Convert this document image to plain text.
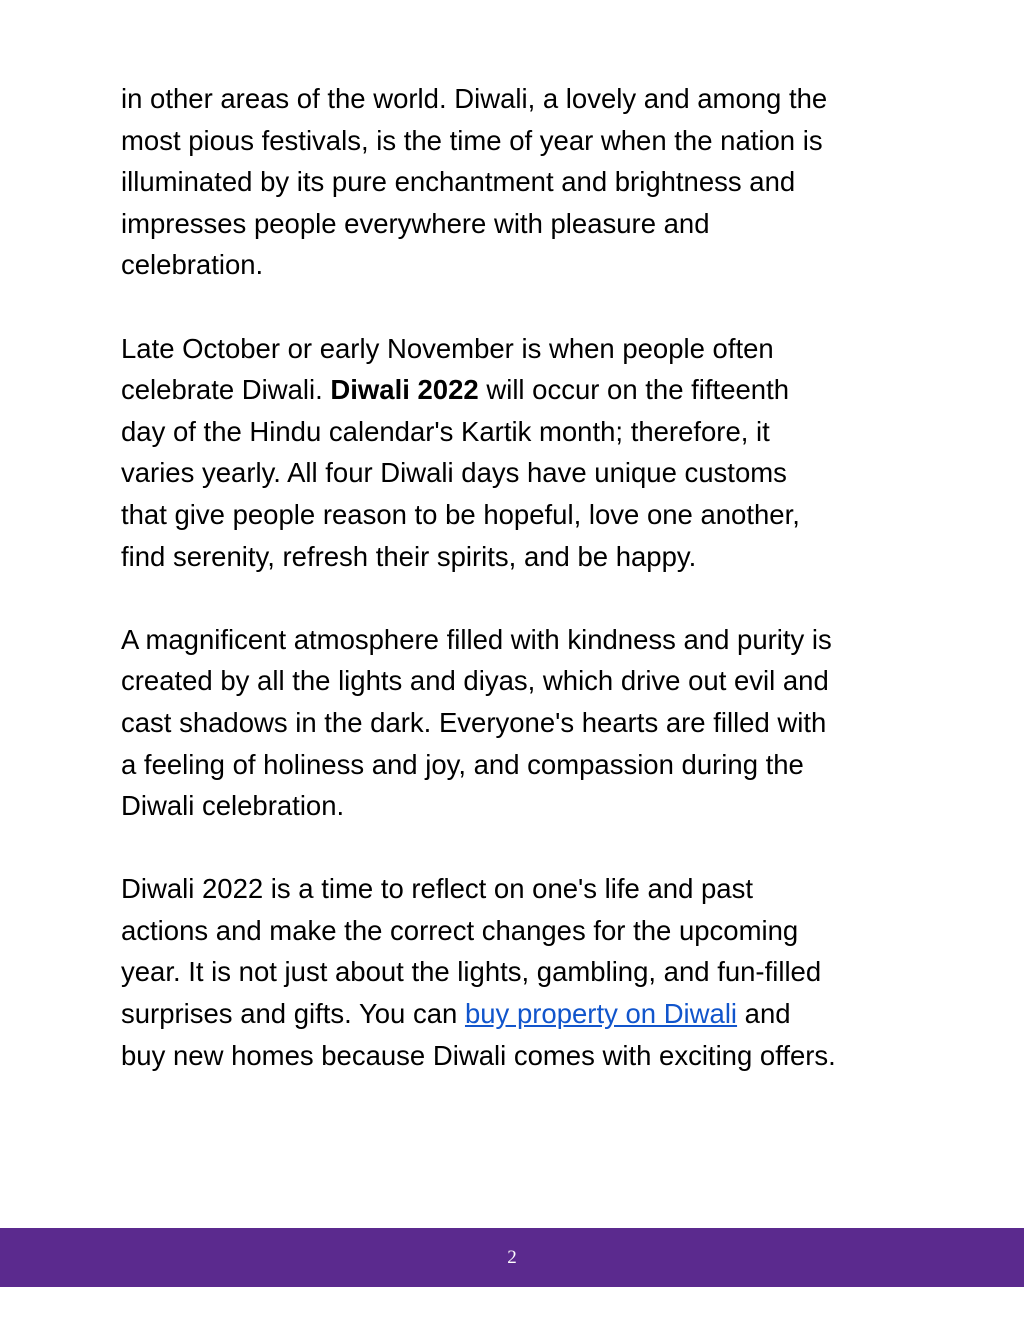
in other areas of the world. Diwali, a lovely and among the
most pious festivals, is the time of year when the nation is
illuminated by its pure enchantment and brightness and
impresses people everywhere with pleasure and
celebration.
Late October or early November is when people often
celebrate Diwali. Diwali 2022 will occur on the fifteenth
day of the Hindu calendar's Kartik month; therefore, it
varies yearly. All four Diwali days have unique customs
that give people reason to be hopeful, love one another,
find serenity, refresh their spirits, and be happy.
A magnificent atmosphere filled with kindness and purity is
created by all the lights and diyas, which drive out evil and
cast shadows in the dark. Everyone's hearts are filled with
a feeling of holiness and joy, and compassion during the
Diwali celebration.
Diwali 2022 is a time to reflect on one's life and past
actions and make the correct changes for the upcoming
year. It is not just about the lights, gambling, and fun-filled
surprises and gifts. You can buy property on Diwali and
buy new homes because Diwali comes with exciting offers.
2
